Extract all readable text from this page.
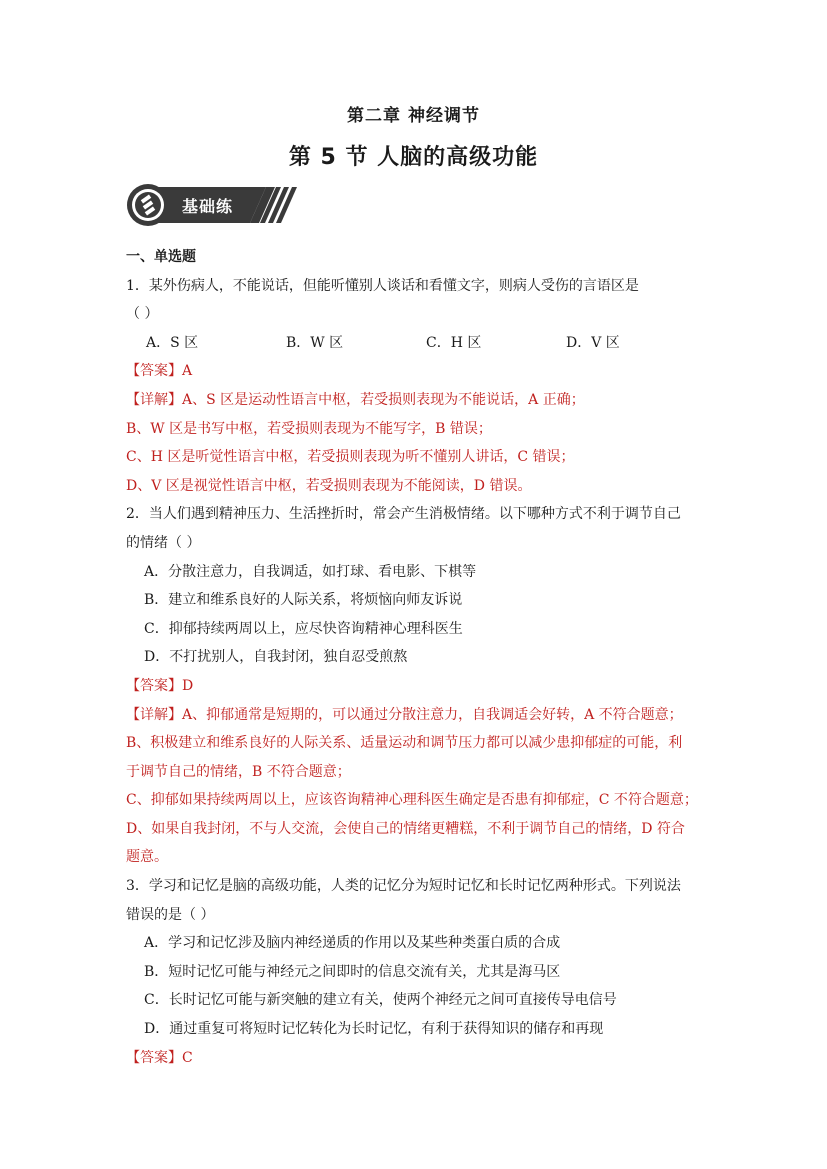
第二章 神经调节
第 5 节 人脑的高级功能
基础练
一、单选题
1．某外伤病人，不能说话，但能听懂别人谈话和看懂文字，则病人受伤的言语区是
（ ）
A．S 区	B．W 区	C．H 区	D．V 区
【答案】A
【详解】A、S 区是运动性语言中枢，若受损则表现为不能说话，A 正确；
B、W 区是书写中枢，若受损则表现为不能写字，B 错误；
C、H 区是听觉性语言中枢，若受损则表现为听不懂别人讲话，C 错误；
D、V 区是视觉性语言中枢，若受损则表现为不能阅读，D 错误。
2．当人们遇到精神压力、生活挫折时，常会产生消极情绪。以下哪种方式不利于调节自己
的情绪（ ）
A．分散注意力，自我调适，如打球、看电影、下棋等
B．建立和维系良好的人际关系，将烦恼向师友诉说
C．抑郁持续两周以上，应尽快咨询精神心理科医生
D．不打扰别人，自我封闭，独自忍受煎熬
【答案】D
【详解】A、抑郁通常是短期的，可以通过分散注意力，自我调适会好转，A 不符合题意；
B、积极建立和维系良好的人际关系、适量运动和调节压力都可以减少患抑郁症的可能，利
于调节自己的情绪，B 不符合题意；
C、抑郁如果持续两周以上，应该咨询精神心理科医生确定是否患有抑郁症，C 不符合题意；
D、如果自我封闭，不与人交流，会使自己的情绪更糟糕，不利于调节自己的情绪，D 符合
题意。
3．学习和记忆是脑的高级功能，人类的记忆分为短时记忆和长时记忆两种形式。下列说法
错误的是（ ）
A．学习和记忆涉及脑内神经递质的作用以及某些种类蛋白质的合成
B．短时记忆可能与神经元之间即时的信息交流有关，尤其是海马区
C．长时记忆可能与新突触的建立有关，使两个神经元之间可直接传导电信号
D．通过重复可将短时记忆转化为长时记忆，有利于获得知识的储存和再现
【答案】C
